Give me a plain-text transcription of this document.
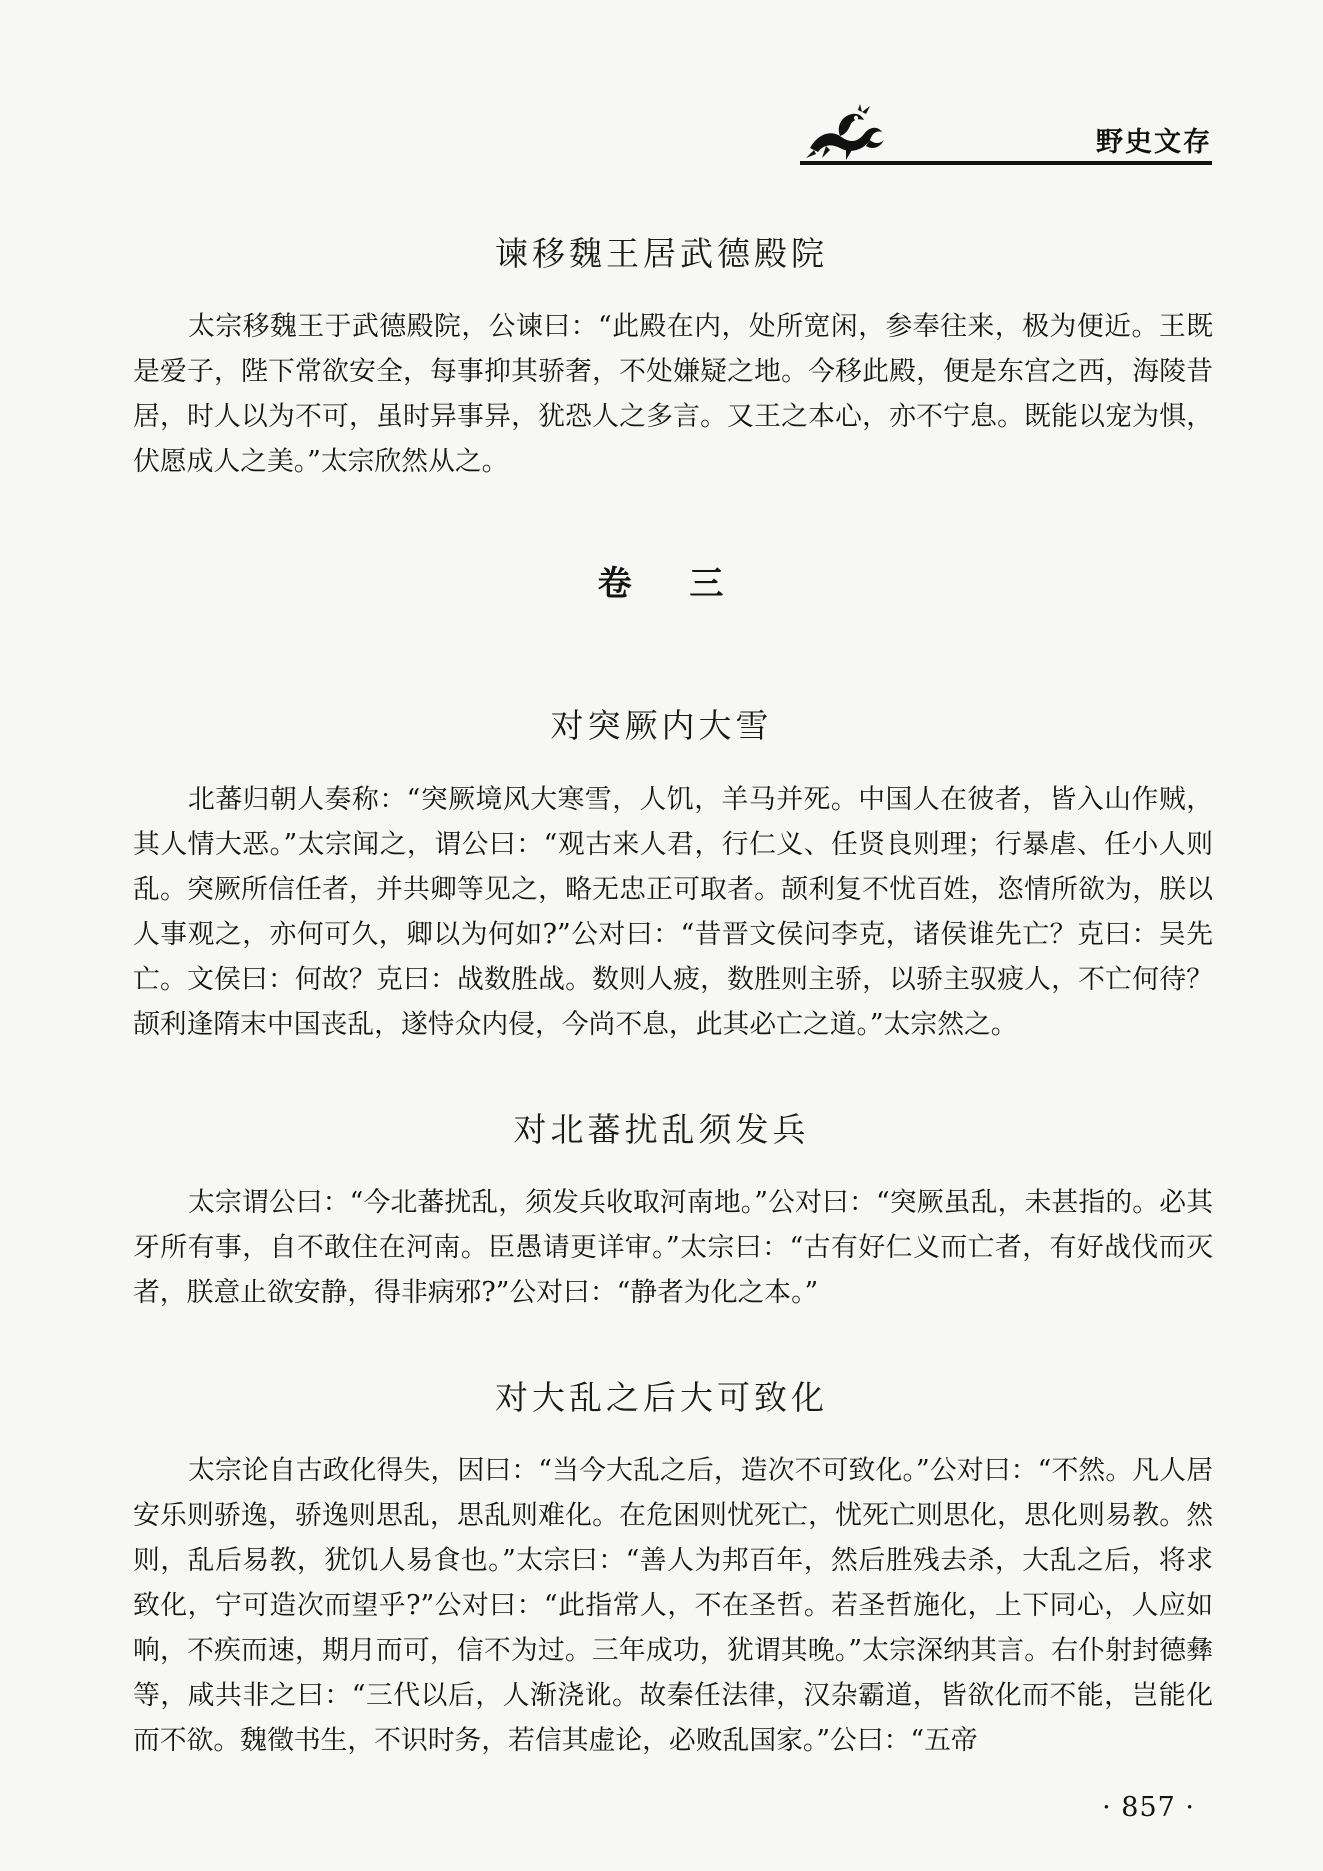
野史文存
谏移魏王居武德殿院

太宗移魏王于武德殿院，公谏曰：“此殿在内，处所宽闲，参奉往来，极为便近。王既是爱子，陛下常欲安全，每事抑其骄奢，不处嫌疑之地。今移此殿，便是东宫之西，海陵昔居，时人以为不可，虽时异事异，犹恐人之多言。又王之本心，亦不宁息。既能以宠为惧，伏愿成人之美。”太宗欣然从之。

卷 三
对突厥内大雪

北蕃归朝人奏称：“突厥境风大寒雪，人饥，羊马并死。中国人在彼者，皆入山作贼，其人情大恶。”太宗闻之，谓公曰：“观古来人君，行仁义、任贤良则理；行暴虐、任小人则乱。突厥所信任者，并共卿等见之，略无忠正可取者。颉利复不忧百姓，恣情所欲为，朕以人事观之，亦何可久，卿以为何如?”公对曰：“昔晋文侯问李克，诸侯谁先亡？克曰：吴先亡。文侯曰：何故？克曰：战数胜战。数则人疲，数胜则主骄，以骄主驭疲人，不亡何待？颉利逢隋末中国丧乱，遂恃众内侵，今尚不息，此其必亡之道。”太宗然之。

对北蕃扰乱须发兵

太宗谓公曰：“今北蕃扰乱，须发兵收取河南地。”公对曰：“突厥虽乱，未甚指的。必其牙所有事，自不敢住在河南。臣愚请更详审。”太宗曰：“古有好仁义而亡者，有好战伐而灭者，朕意止欲安静，得非病邪?”公对曰：“静者为化之本。”

对大乱之后大可致化

太宗论自古政化得失，因曰：“当今大乱之后，造次不可致化。”公对曰：“不然。凡人居安乐则骄逸，骄逸则思乱，思乱则难化。在危困则忧死亡，忧死亡则思化，思化则易教。然则，乱后易教，犹饥人易食也。”太宗曰：“善人为邦百年，然后胜残去杀，大乱之后，将求致化，宁可造次而望乎?”公对曰：“此指常人，不在圣哲。若圣哲施化，上下同心，人应如响，不疾而速，期月而可，信不为过。三年成功，犹谓其晚。”太宗深纳其言。右仆射封德彝等，咸共非之曰：“三代以后，人渐浇讹。故秦任法律，汉杂霸道，皆欲化而不能，岂能化而不欲。魏徵书生，不识时务，若信其虚论，必败乱国家。”公曰：“五帝

· 857 ·
